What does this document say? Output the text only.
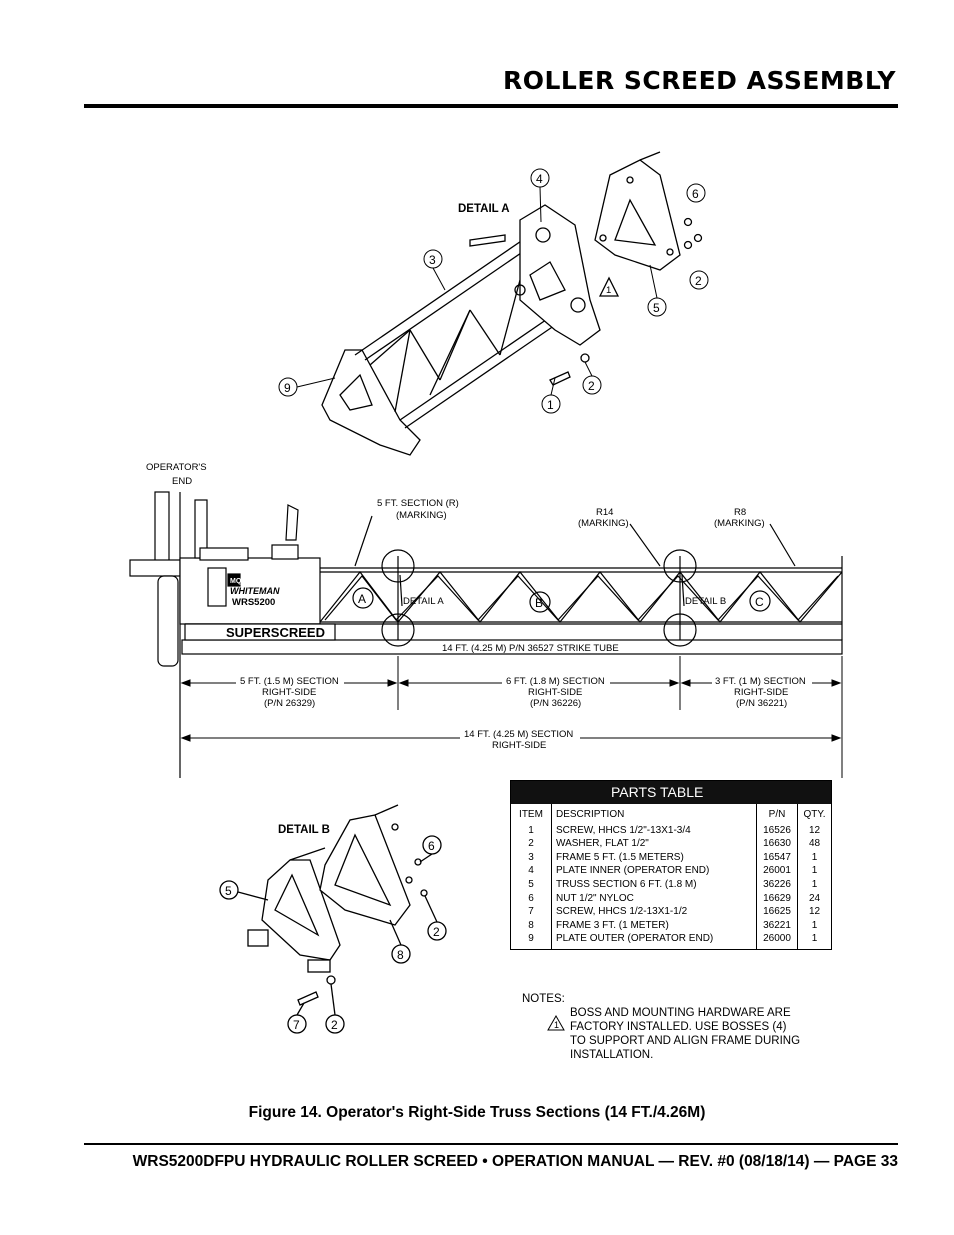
ROLLER SCREED ASSEMBLY
1
DETAIL A
4
6
3
2
5
9	2
1
OPERATOR'S
END
MQ
WHITEMAN
WRS5200
5 FT. SECTION (R)
(MARKING)	R14
(MARKING)
R8
(MARKING)
DETAIL A	DETAIL B
A	B	C
SUPERSCREED
14 FT. (4.25 M) P/N 36527 STRIKE TUBE
5 FT. (1.5 M) SECTION
RIGHT-SIDE
(P/N 26329)
6 FT. (1.8 M) SECTION
RIGHT-SIDE
(P/N 36226)
3 FT. (1 M) SECTION
RIGHT-SIDE
(P/N 36221)
14 FT. (4.25 M) SECTION
RIGHT-SIDE
DETAIL B
6
5
2
8
7	2
PARTS TABLE
ITEM	DESCRIPTION	P/N	QTY.
1	SCREW, HHCS 1/2"-13X1-3/4	16526	12
2	WASHER, FLAT 1/2"	16630	48
3	FRAME 5 FT. (1.5 METERS)	16547	1
4	PLATE INNER (OPERATOR END)	26001	1
5	TRUSS SECTION 6 FT. (1.8 M)	36226	1
6	NUT 1/2" NYLOC	16629	24
7	SCREW, HHCS 1/2-13X1-1/2	16625	12
8	FRAME 3 FT. (1 METER)	36221	1
9	PLATE OUTER (OPERATOR END)	26000	1
NOTES:
1
BOSS AND MOUNTING HARDWARE ARE
FACTORY INSTALLED. USE BOSSES (4)
TO SUPPORT AND ALIGN FRAME DURING
INSTALLATION.
Figure 14. Operator's Right-Side Truss Sections (14 FT./4.26M)
WRS5200DFPU HYDRAULIC ROLLER SCREED • OPERATION MANUAL — REV. #0 (08/18/14) — PAGE 33
